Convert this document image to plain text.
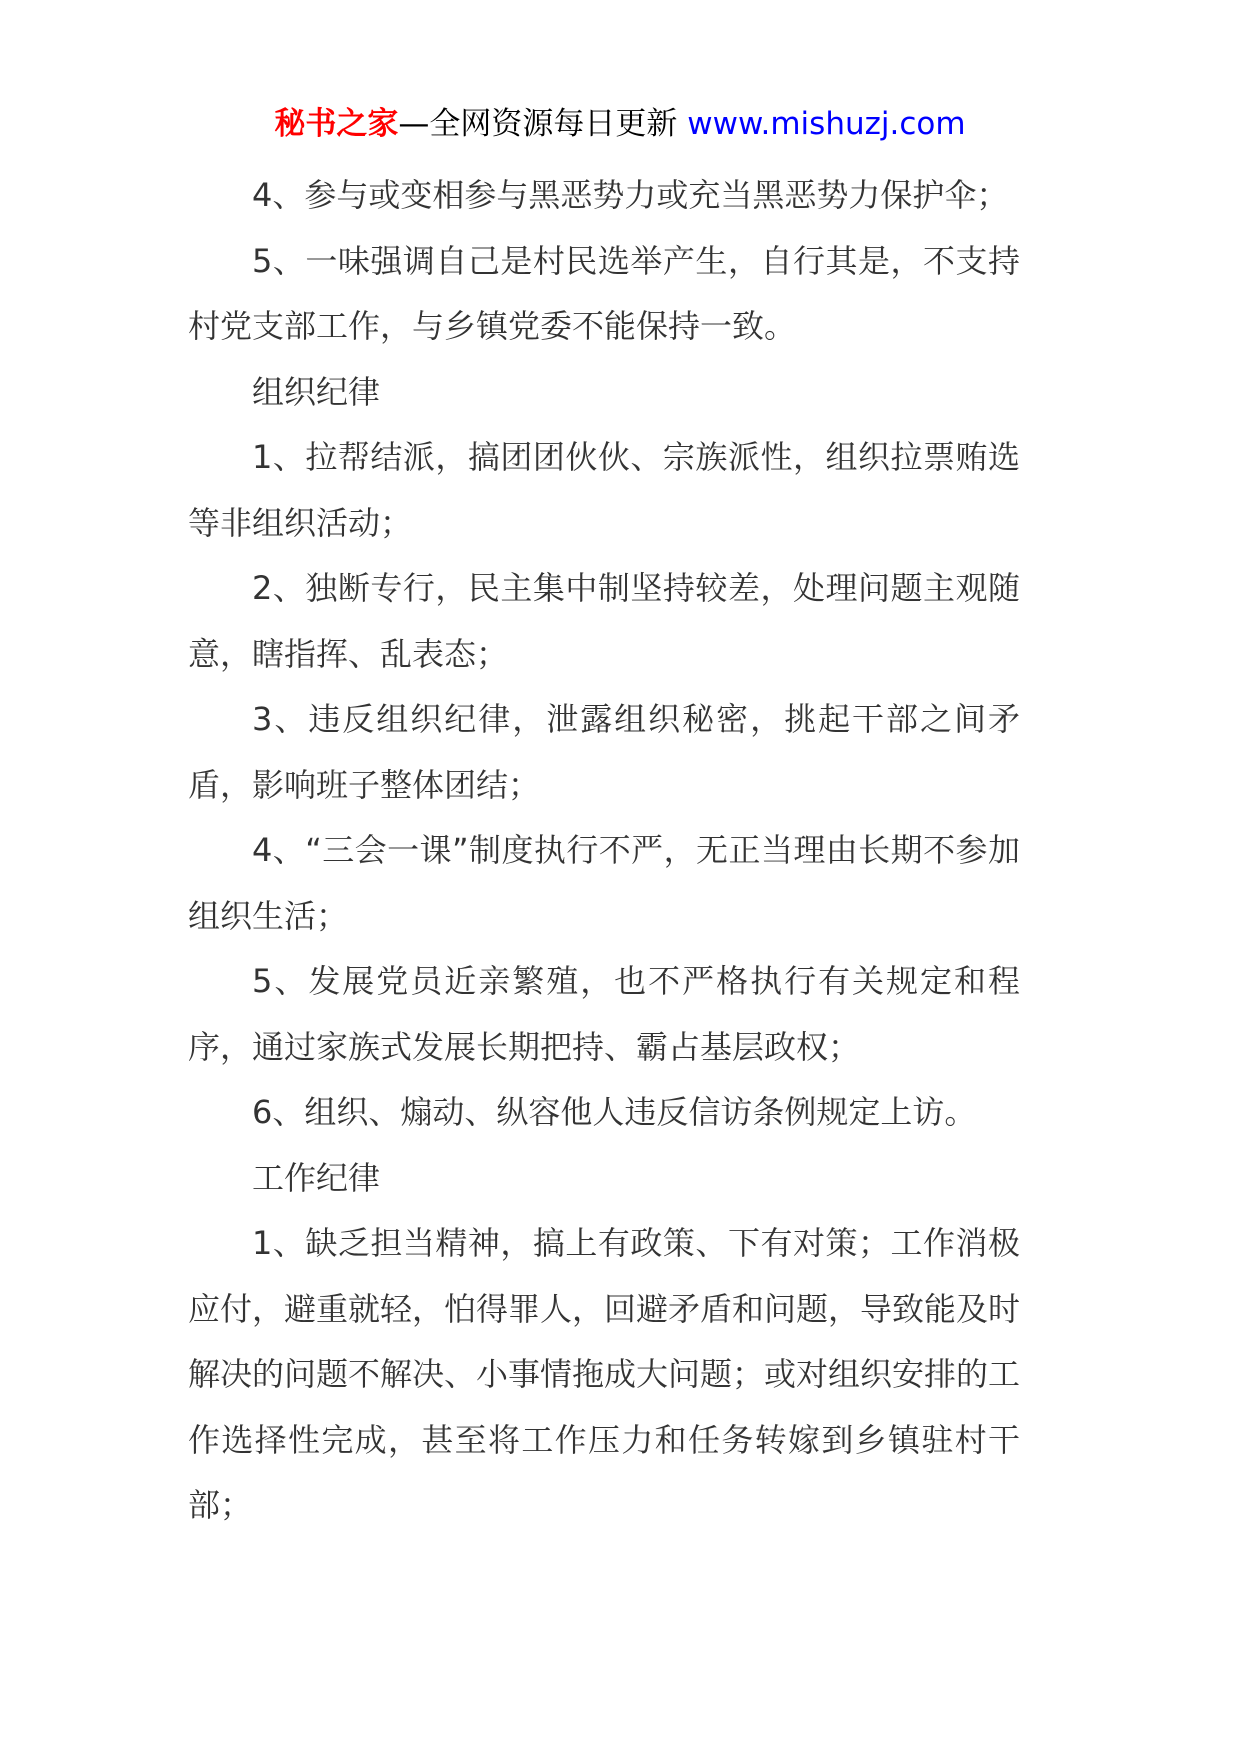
秘书之家—全网资源每日更新 www.mishuzj.com

4、参与或变相参与黑恶势力或充当黑恶势力保护伞；

5、一味强调自己是村民选举产生，自行其是，不支持村党支部工作，与乡镇党委不能保持一致。

组织纪律

1、拉帮结派，搞团团伙伙、宗族派性，组织拉票贿选等非组织活动；

2、独断专行，民主集中制坚持较差，处理问题主观随意，瞎指挥、乱表态；

3、违反组织纪律，泄露组织秘密，挑起干部之间矛盾，影响班子整体团结；

4、“三会一课”制度执行不严，无正当理由长期不参加组织生活；

5、发展党员近亲繁殖，也不严格执行有关规定和程序，通过家族式发展长期把持、霸占基层政权；

6、组织、煽动、纵容他人违反信访条例规定上访。

工作纪律

1、缺乏担当精神，搞上有政策、下有对策；工作消极应付，避重就轻，怕得罪人，回避矛盾和问题，导致能及时解决的问题不解决、小事情拖成大问题；或对组织安排的工作选择性完成，甚至将工作压力和任务转嫁到乡镇驻村干部；
